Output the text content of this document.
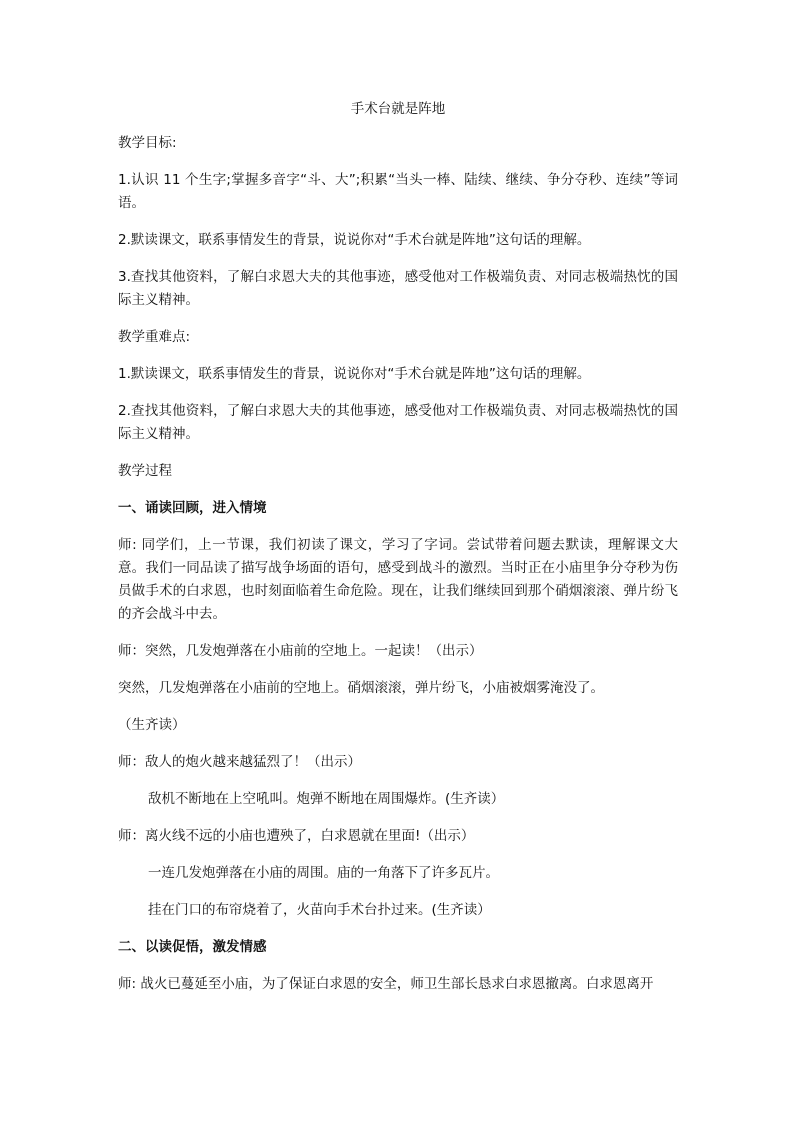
手术台就是阵地
教学目标:
1.认识 11 个生字;掌握多音字“斗、大”;积累“当头一棒、陆续、继续、争分夺秒、连续”等词语。
2.默读课文，联系事情发生的背景，说说你对“手术台就是阵地”这句话的理解。
3.查找其他资料，了解白求恩大夫的其他事迹，感受他对工作极端负责、对同志极端热忱的国际主义精神。
教学重难点:
1.默读课文，联系事情发生的背景，说说你对“手术台就是阵地”这句话的理解。
2.查找其他资料，了解白求恩大夫的其他事迹，感受他对工作极端负责、对同志极端热忱的国际主义精神。
教学过程
一、诵读回顾，进入情境
师: 同学们，上一节课，我们初读了课文，学习了字词。尝试带着问题去默读，理解课文大意。我们一同品读了描写战争场面的语句，感受到战斗的激烈。当时正在小庙里争分夺秒为伤员做手术的白求恩，也时刻面临着生命危险。现在，让我们继续回到那个硝烟滚滚、弹片纷飞的齐会战斗中去。
师：突然，几发炮弹落在小庙前的空地上。一起读！（出示）
突然，几发炮弹落在小庙前的空地上。硝烟滚滚，弹片纷飞，小庙被烟雾淹没了。
（生齐读）
师：敌人的炮火越来越猛烈了！（出示）
敌机不断地在上空吼叫。炮弹不断地在周围爆炸。(生齐读）
师：离火线不远的小庙也遭殃了，白求恩就在里面!（出示）
一连几发炮弹落在小庙的周围。庙的一角落下了许多瓦片。
挂在门口的布帘烧着了，火苗向手术台扑过来。(生齐读）
二、以读促悟，激发情感
师: 战火已蔓延至小庙，为了保证白求恩的安全，师卫生部长恳求白求恩撤离。白求恩离开
